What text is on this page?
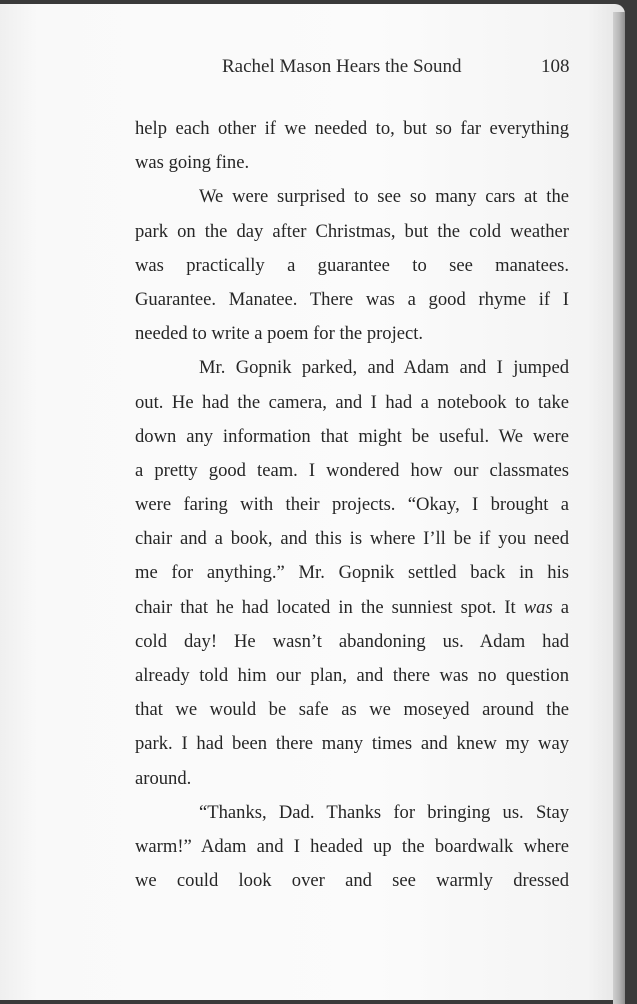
Rachel Mason Hears the Sound	108
help each other if we needed to, but so far everything
was going fine.
We were surprised to see so many cars at the
park on the day after Christmas, but the cold weather
was practically a guarantee to see manatees.
Guarantee. Manatee. There was a good rhyme if I
needed to write a poem for the project.
Mr. Gopnik parked, and Adam and I jumped
out. He had the camera, and I had a notebook to take
down any information that might be useful. We were
a pretty good team. I wondered how our classmates
were faring with their projects. “Okay, I brought a
chair and a book, and this is where I’ll be if you need
me for anything.” Mr. Gopnik settled back in his
chair that he had located in the sunniest spot. It was a
cold day! He wasn’t abandoning us. Adam had
already told him our plan, and there was no question
that we would be safe as we moseyed around the
park. I had been there many times and knew my way
around.
“Thanks, Dad. Thanks for bringing us. Stay
warm!” Adam and I headed up the boardwalk where
we could look over and see warmly dressed
